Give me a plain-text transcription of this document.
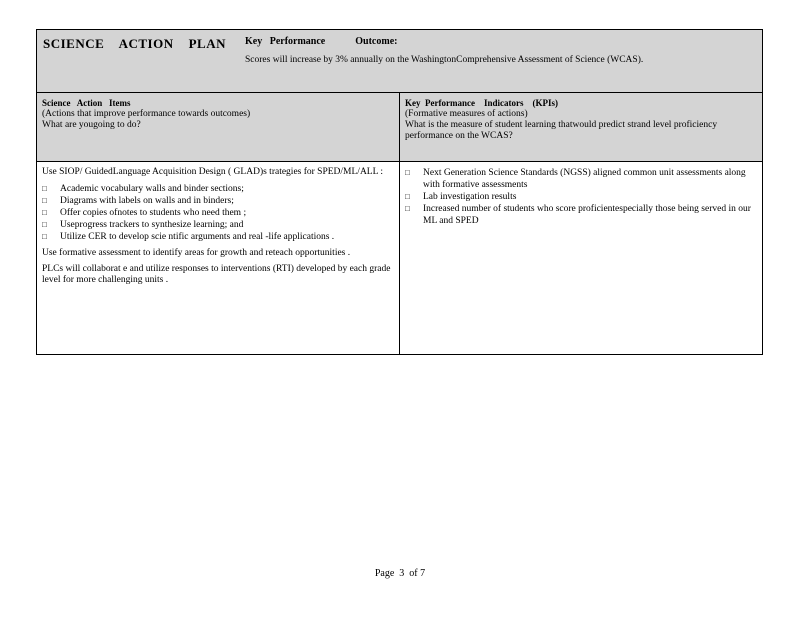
SCIENCE    ACTION    PLAN Key   Performance	Outcome:
Scores will increase by 3% annually on the WashingtonComprehensive Assessment of Science (WCAS).
Science   Action   Items
(Actions that improve performance towards outcomes)
What are yougoing to do?
Key  Performance    Indicators    (KPIs)
(Formative measures of actions)
What is the measure of student learning thatwould predict strand level proficiency performance on the WCAS?
Use SIOP/ GuidedLanguage Acquisition Design ( GLAD)s trategies for SPED/ML/ALL :
□	Academic vocabulary walls and binder sections;
□	Diagrams with labels on walls and in binders;
□	Offer copies ofnotes to students who need them ;
□	Useprogress trackers to synthesize learning; and
□	Utilize CER to develop scie ntific arguments and real -life applications .
Use formative assessment to identify areas for growth and reteach opportunities .
PLCs will collaborat e and utilize responses to interventions (RTI) developed by each grade level for more challenging units .
□	Next Generation Science Standards (NGSS) aligned common unit assessments along with formative assessments
□	Lab investigation results
□	Increased number of students who score proficientespecially those being served in our ML and SPED
Page  3  of 7
